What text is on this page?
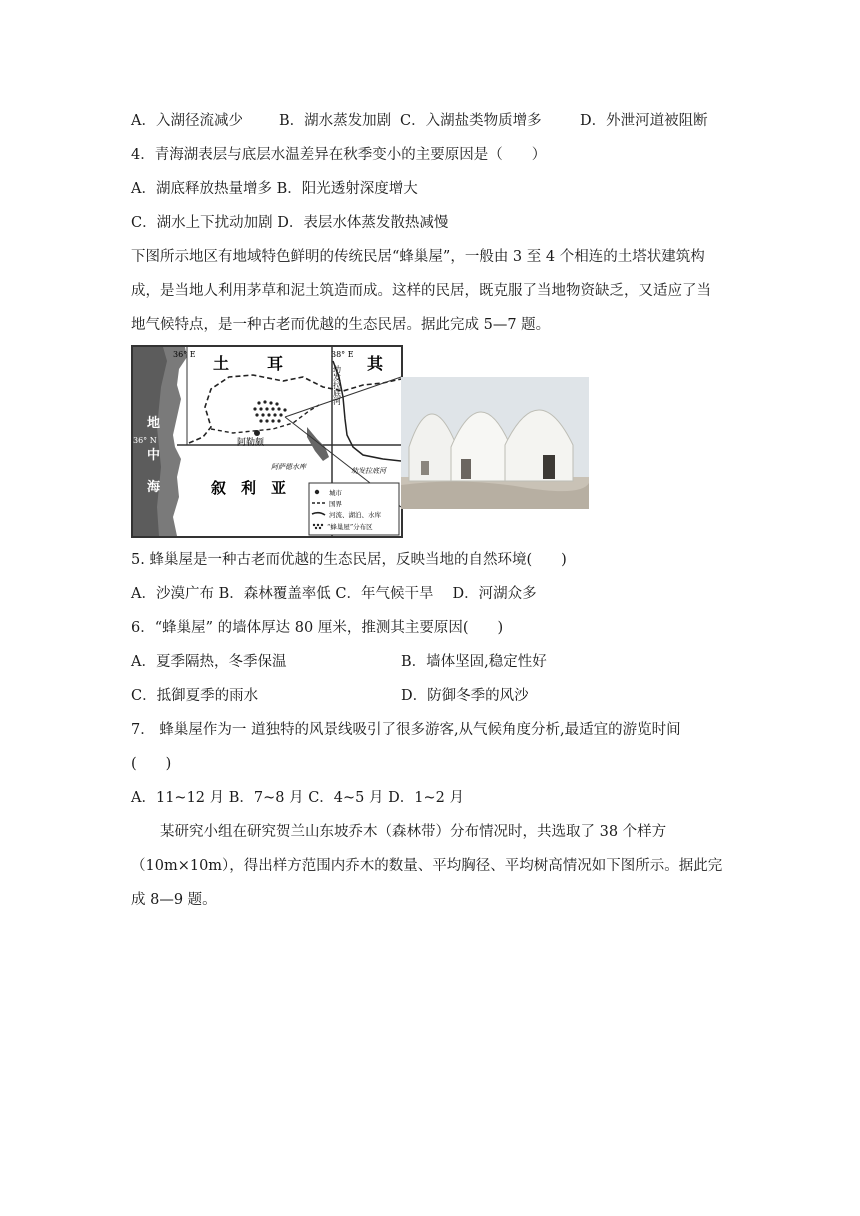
A．入湖径流减少 B．湖水蒸发加剧 C．入湖盐类物质增多	D．外泄河道被阻断
4．青海湖表层与底层水温差异在秋季变小的主要原因是（　　）
A．湖底释放热量增多 B．阳光透射深度增大
C．湖水上下扰动加剧 D．表层水体蒸发散热减慢
下图所示地区有地域特色鲜明的传统民居“蜂巢屋”，一般由 3 至 4 个相连的土塔状建筑构
成，是当地人利用茅草和泥土筑造而成。这样的民居，既克服了当地物资缺乏，又适应了当
地气候特点，是一种古老而优越的生态民居。据此完成 5—7 题。
36° E	38° E
36° N
土 耳	其
叙　利　亚
地
中
海
阿勒颇
幼发拉底河
阿萨德水库	幼发拉底河
城市
国界
河流、湖泊、水库
“蜂巢屋”分布区
5. 蜂巢屋是一种古老而优越的生态民居，反映当地的自然环境(　　)
A．沙漠广布 B．森林覆盖率低 C．年气候干旱　 D．河湖众多
6．“蜂巢屋” 的墙体厚达 80 厘米，推测其主要原因(　　)
A．夏季隔热，冬季保温	B．墙体坚固,稳定性好
C．抵御夏季的雨水	D．防御冬季的风沙
7． 蜂巢屋作为一 道独特的风景线吸引了很多游客,从气候角度分析,最适宜的游览时间
(　　)
A．11~12 月 B．7~8 月 C．4~5 月 D．1~2 月
　　某研究小组在研究贺兰山东坡乔木（森林带）分布情况时，共选取了 38 个样方
（10m×10m），得出样方范围内乔木的数量、平均胸径、平均树高情况如下图所示。据此完
成 8—9 题。
